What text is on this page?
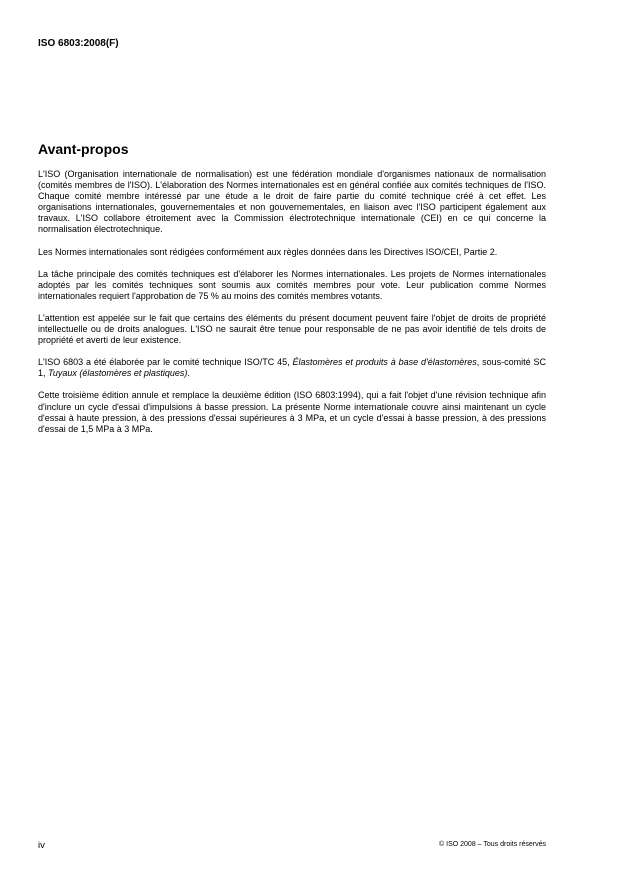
ISO 6803:2008(F)
Avant-propos

L'ISO (Organisation internationale de normalisation) est une fédération mondiale d'organismes nationaux de normalisation (comités membres de l'ISO). L'élaboration des Normes internationales est en général confiée aux comités techniques de l'ISO. Chaque comité membre intéressé par une étude a le droit de faire partie du comité technique créé à cet effet. Les organisations internationales, gouvernementales et non gouvernementales, en liaison avec l'ISO participent également aux travaux. L'ISO collabore étroitement avec la Commission électrotechnique internationale (CEI) en ce qui concerne la normalisation électrotechnique.

Les Normes internationales sont rédigées conformément aux règles données dans les Directives ISO/CEI, Partie 2.

La tâche principale des comités techniques est d'élaborer les Normes internationales. Les projets de Normes internationales adoptés par les comités techniques sont soumis aux comités membres pour vote. Leur publication comme Normes internationales requiert l'approbation de 75 % au moins des comités membres votants.

L'attention est appelée sur le fait que certains des éléments du présent document peuvent faire l'objet de droits de propriété intellectuelle ou de droits analogues. L'ISO ne saurait être tenue pour responsable de ne pas avoir identifié de tels droits de propriété et averti de leur existence.

L'ISO 6803 a été élaborée par le comité technique ISO/TC 45, Élastomères et produits à base d'élastomères, sous-comité SC 1, Tuyaux (élastomères et plastiques).

Cette troisième édition annule et remplace la deuxième édition (ISO 6803:1994), qui a fait l'objet d'une révision technique afin d'inclure un cycle d'essai d'impulsions à basse pression. La présente Norme internationale couvre ainsi maintenant un cycle d'essai à haute pression, à des pressions d'essai supérieures à 3 MPa, et un cycle d'essai à basse pression, à des pressions d'essai de 1,5 MPa à 3 MPa.

iv	© ISO 2008 – Tous droits réservés
